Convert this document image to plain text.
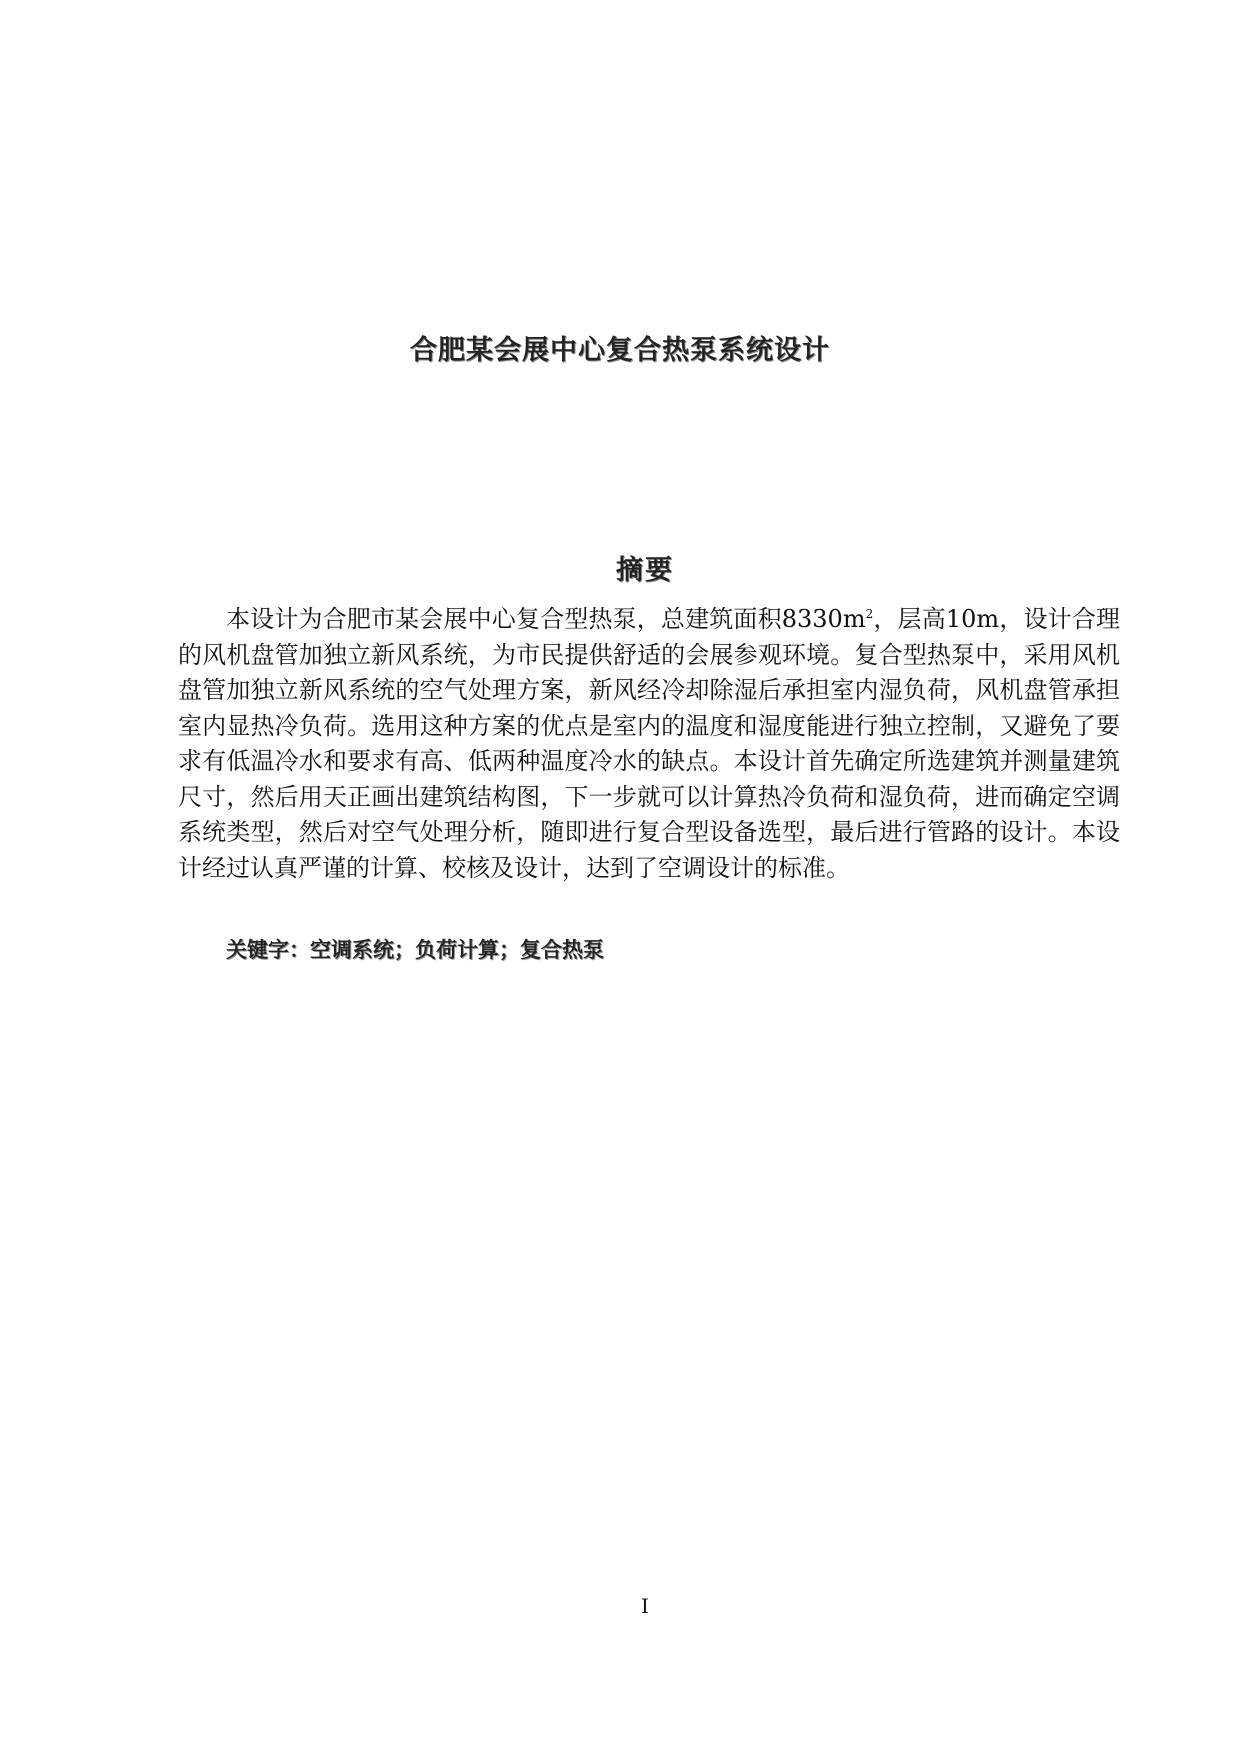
合肥某会展中心复合热泵系统设计
摘要

本设计为合肥市某会展中心复合型热泵，总建筑面积$8330m^2$，层高10m，设计合理的风机盘管加独立新风系统，为市民提供舒适的会展参观环境。复合型热泵中，采用风机盘管加独立新风系统的空气处理方案，新风经冷却除湿后承担室内湿负荷，风机盘管承担室内显热冷负荷。选用这种方案的优点是室内的温度和湿度能进行独立控制，又避免了要求有低温冷水和要求有高、低两种温度冷水的缺点。本设计首先确定所选建筑并测量建筑尺寸，然后用天正画出建筑结构图，下一步就可以计算热冷负荷和湿负荷，进而确定空调系统类型，然后对空气处理分析，随即进行复合型设备选型，最后进行管路的设计。本设计经过认真严谨的计算、校核及设计，达到了空调设计的标准。

关键字：空调系统；负荷计算；复合热泵
I
